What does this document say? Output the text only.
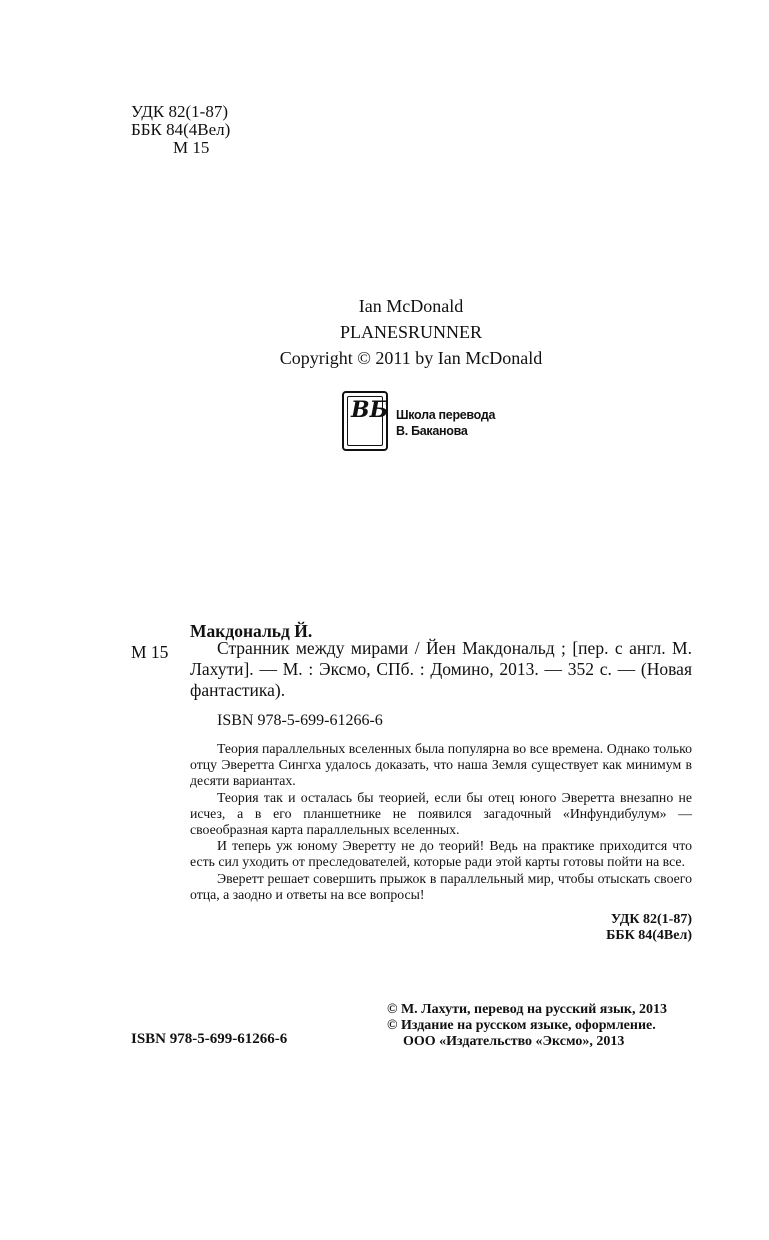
УДК 82(1-87)
ББК 84(4Вел)
М 15
Ian McDonald
PLANESRUNNER
Copyright © 2011 by Ian McDonald
ВБ Школа перевода
В. Баканова
Макдональд Й.
М 15	Странник между мирами / Йен Макдональд ; [пер. с англ. М. Лахути]. — М. : Эксмо, СПб. : Домино, 2013. — 352 с. — (Новая фантастика).
ISBN 978-5-699-61266-6

Теория параллельных вселенных была популярна во все времена. Однако только отцу Эверетта Сингха удалось доказать, что наша Земля существует как минимум в десяти вариантах.

Теория так и осталась бы теорией, если бы отец юного Эверетта внезапно не исчез, а в его планшетнике не появился загадочный «Инфундибулум» — своеобразная карта параллельных вселенных.

И теперь уж юному Эверетту не до теорий! Ведь на практике приходится что есть сил уходить от преследователей, которые ради этой карты готовы пойти на все.

Эверетт решает совершить прыжок в параллельный мир, чтобы отыскать своего отца, а заодно и ответы на все вопросы!

УДК 82(1-87)
ББК 84(4Вел)
© М. Лахути, перевод на русский язык, 2013
© Издание на русском языке, оформление.
ООО «Издательство «Эксмо», 2013
ISBN 978-5-699-61266-6
